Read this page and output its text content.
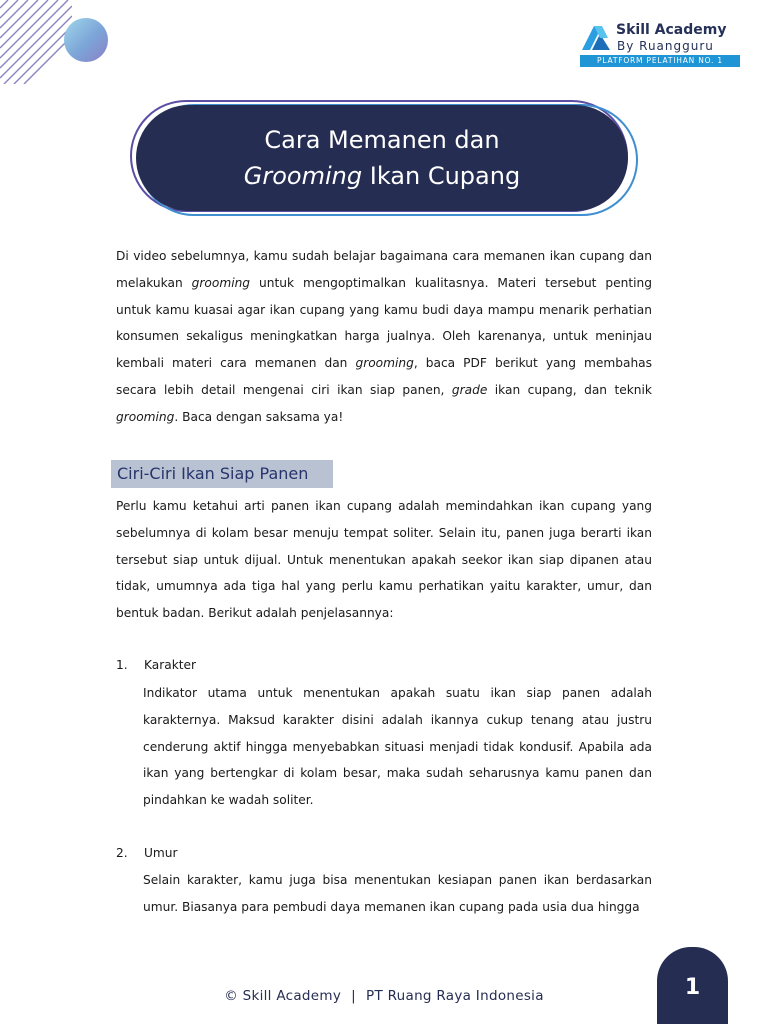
Skill Academy
By Ruangguru
PLATFORM PELATIHAN NO. 1
Cara Memanen dan
Grooming Ikan Cupang

Di video sebelumnya, kamu sudah belajar bagaimana cara memanen ikan cupang dan melakukan grooming untuk mengoptimalkan kualitasnya. Materi tersebut penting untuk kamu kuasai agar ikan cupang yang kamu budi daya mampu menarik perhatian konsumen sekaligus meningkatkan harga jualnya. Oleh karenanya, untuk meninjau kembali materi cara memanen dan grooming, baca PDF berikut yang membahas secara lebih detail mengenai ciri ikan siap panen, grade ikan cupang, dan teknik grooming. Baca dengan saksama ya!

Ciri-Ciri Ikan Siap Panen

Perlu kamu ketahui arti panen ikan cupang adalah memindahkan ikan cupang yang sebelumnya di kolam besar menuju tempat soliter. Selain itu, panen juga berarti ikan tersebut siap untuk dijual. Untuk menentukan apakah seekor ikan siap dipanen atau tidak, umumnya ada tiga hal yang perlu kamu perhatikan yaitu karakter, umur, dan bentuk badan. Berikut adalah penjelasannya:

1. Karakter

Indikator utama untuk menentukan apakah suatu ikan siap panen adalah karakternya. Maksud karakter disini adalah ikannya cukup tenang atau justru cenderung aktif hingga menyebabkan situasi menjadi tidak kondusif. Apabila ada ikan yang bertengkar di kolam besar, maka sudah seharusnya kamu panen dan pindahkan ke wadah soliter.

2. Umur

Selain karakter, kamu juga bisa menentukan kesiapan panen ikan berdasarkan umur. Biasanya para pembudi daya memanen ikan cupang pada usia dua hingga

© Skill Academy | PT Ruang Raya Indonesia	1
